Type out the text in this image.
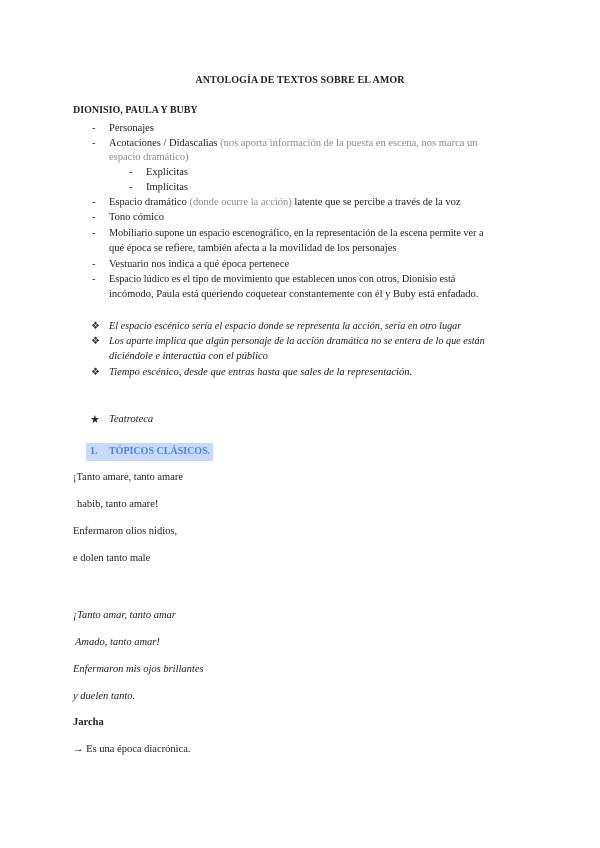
ANTOLOGÍA DE TEXTOS SOBRE EL AMOR
DIONISIO, PAULA Y BUBY
- Personajes
- Acotaciones / Didascalias (nos aporta información de la puesta en escena, nos marca un
espacio dramático)
- Explícitas
- Implícitas
- Espacio dramático (donde ocurre la acción) latente que se percibe a través de la voz
- Tono cómico
- Mobiliario supone un espacio escenográfico, en la representación de la escena permite ver a
qué época se refiere, también afecta a la movilidad de los personajes
- Vestuario nos indica a qué época pertenece
- Espacio lúdico es el tipo de movimiento que establecen unos con otros, Dionisio está
incómodo, Paula está queriendo coquetear constantemente con él y Buby está enfadado.
❖ El espacio escénico sería el espacio donde se representa la acción, sería en otro lugar
❖ Los aparte implica que algún personaje de la acción dramática no se entera de lo que están
diciéndole e interactúa con el público
❖ Tiempo escénico, desde que entras hasta que sales de la representación.
★ Teatroteca
1. TÓPICOS CLÁSICOS.
¡Tanto amare, tanto amare
habib, tanto amare!
Enfermaron olios nidios,
e dolen tanto male
¡Tanto amar, tanto amar
Amado, tanto amar!
Enfermaron mis ojos brillantes
y duelen tanto.
Jarcha
→ Es una época diacrónica.
